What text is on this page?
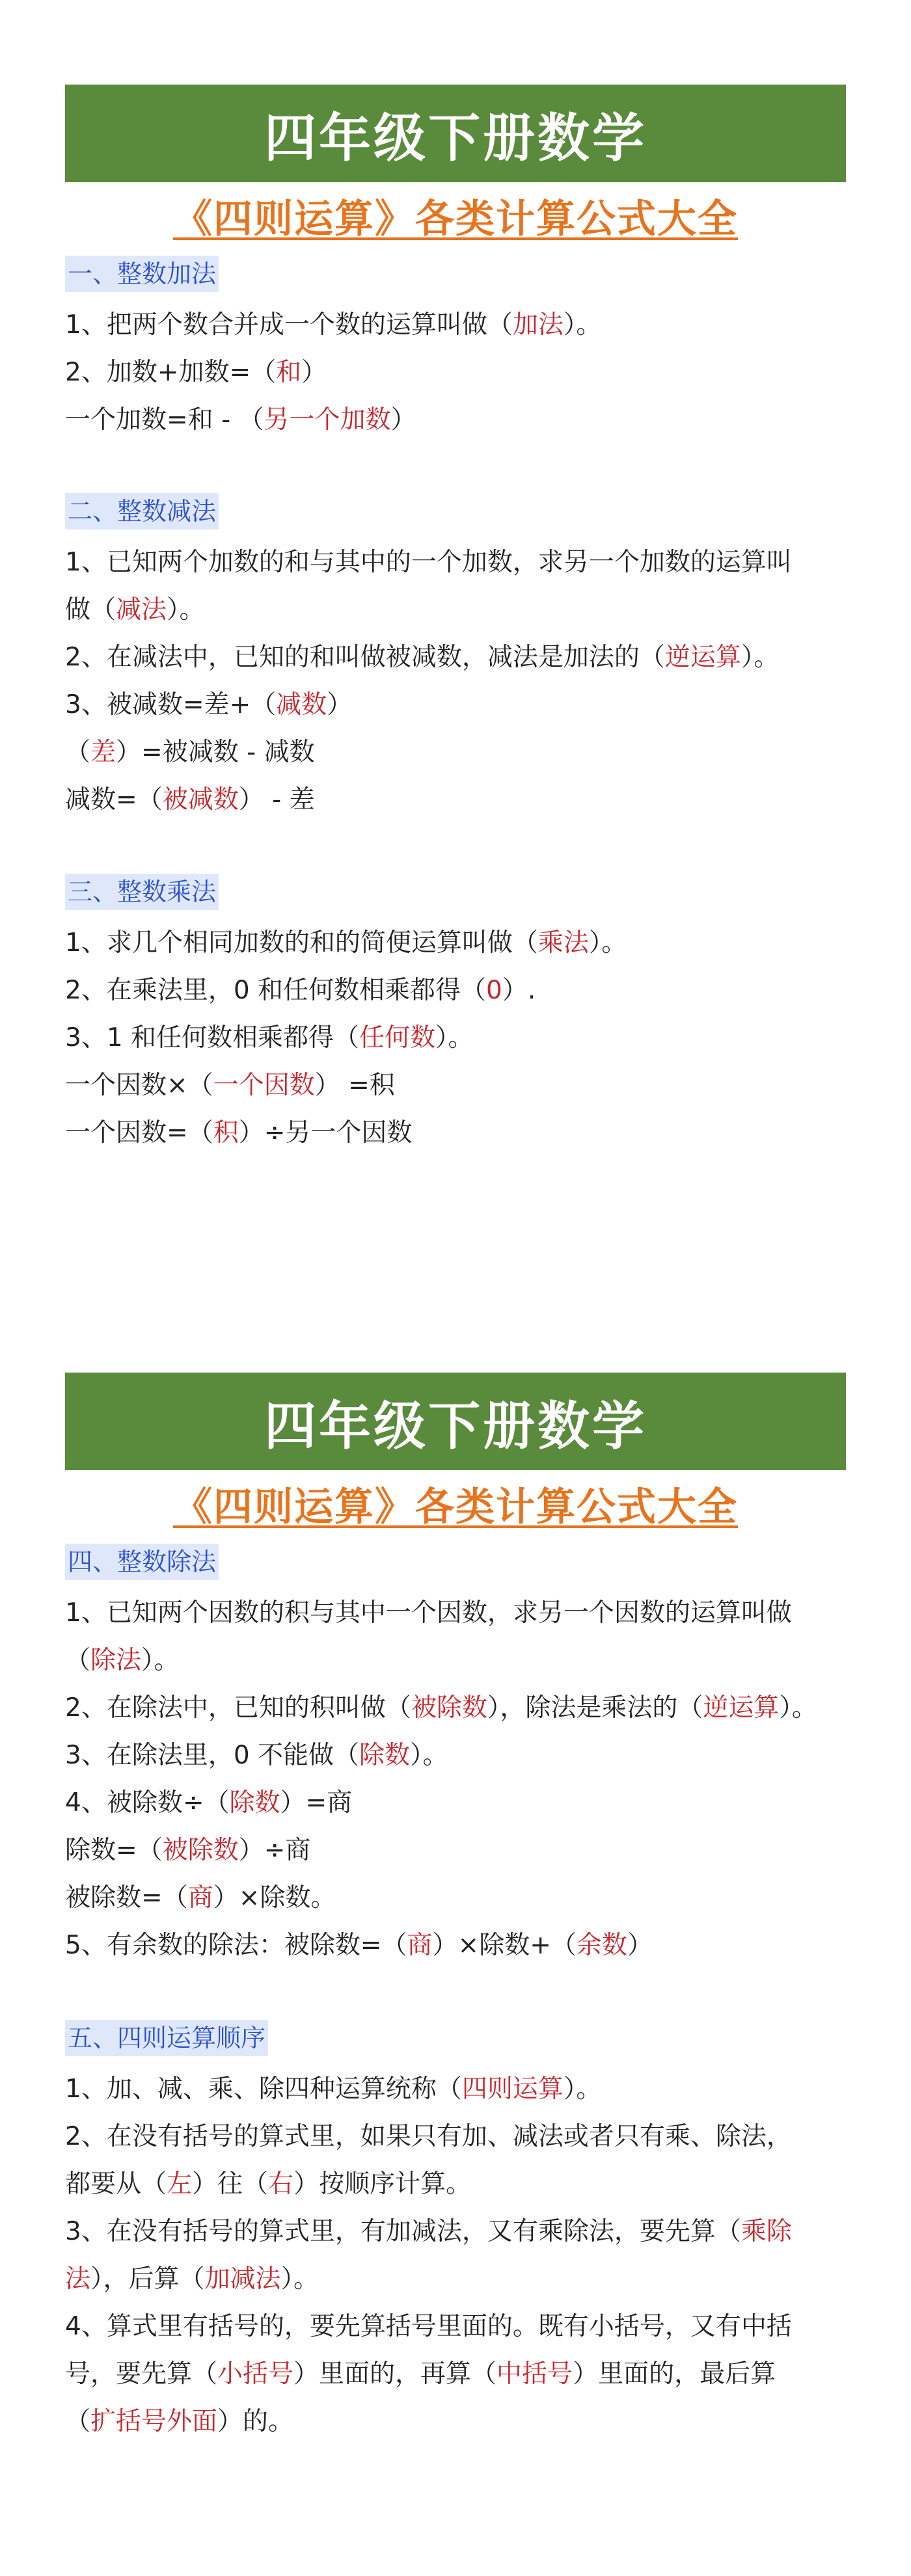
四年级下册数学
《四则运算》各类计算公式大全
一、整数加法
1、把两个数合并成一个数的运算叫做（加法）。
2、加数+加数=（和）
一个加数=和 - （另一个加数）
二、整数减法
1、已知两个加数的和与其中的一个加数，求另一个加数的运算叫
做（减法）。
2、在减法中，已知的和叫做被减数，减法是加法的（逆运算）。
3、被减数=差+（减数）
（差）=被减数 - 减数
减数=（被减数） - 差
三、整数乘法
1、求几个相同加数的和的简便运算叫做（乘法）。
2、在乘法里，0 和任何数相乘都得（0）.
3、1 和任何数相乘都得（任何数）。
一个因数×（一个因数） =积
一个因数=（积）÷另一个因数
四年级下册数学
《四则运算》各类计算公式大全
四、整数除法
1、已知两个因数的积与其中一个因数，求另一个因数的运算叫做
（除法）。
2、在除法中，已知的积叫做（被除数），除法是乘法的（逆运算）。
3、在除法里，0 不能做（除数）。
4、被除数÷（除数）=商
除数=（被除数）÷商
被除数=（商）×除数。
5、有余数的除法：被除数=（商）×除数+（余数）
五、四则运算顺序
1、加、减、乘、除四种运算统称（四则运算）。
2、在没有括号的算式里，如果只有加、减法或者只有乘、除法，
都要从（左）往（右）按顺序计算。
3、在没有括号的算式里，有加减法，又有乘除法，要先算（乘除
法），后算（加减法）。
4、算式里有括号的，要先算括号里面的。既有小括号，又有中括
号，要先算（小括号）里面的，再算（中括号）里面的，最后算
（扩括号外面）的。
